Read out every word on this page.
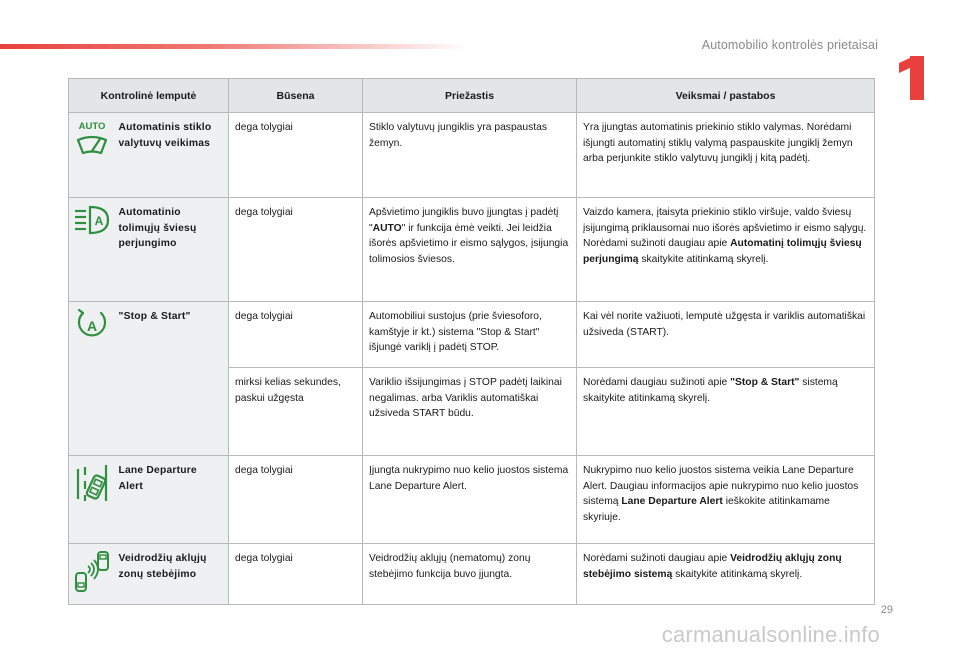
Automobilio kontrolės prietaisai
Kontrolinė lemputė		Būsena	Priežastis	Veiksmai / pastabos

AUTO	Automatinis stiklo valytuvų veikimas	dega tolygiai	Stiklo valytuvų jungiklis yra paspaustas žemyn.	Yra įjungtas automatinis priekinio stiklo valymas. Norėdami išjungti automatinį stiklų valymą paspauskite jungiklį žemyn arba perjunkite stiklo valytuvų jungiklį į kitą padėtį.

A	Automatinio tolimųjų šviesų perjungimo	dega tolygiai	Apšvietimo jungiklis buvo įjungtas į padėtį "AUTO" ir funkcija ėmė veikti. Jei leidžia išorės apšvietimo ir eismo sąlygos, įsijungia tolimosios šviesos.	Vaizdo kamera, įtaisyta priekinio stiklo viršuje, valdo šviesų įsijungimą priklausomai nuo išorės apšvietimo ir eismo sąlygų. Norėdami sužinoti daugiau apie Automatinį tolimųjų šviesų perjungimą skaitykite atitinkamą skyrelį.

A	"Stop & Start"	dega tolygiai	Automobiliui sustojus (prie šviesoforo, kamštyje ir kt.) sistema "Stop & Start" išjungė variklį į padėtį STOP.	Kai vėl norite važiuoti, lemputė užgęsta ir variklis automatiškai užsiveda (START).
		mirksi kelias sekundes, paskui užgęsta	Variklio išsijungimas į STOP padėtį laikinai negalimas. arba Variklis automatiškai užsiveda START būdu.	Norėdami daugiau sužinoti apie "Stop & Start" sistemą skaitykite atitinkamą skyrelį.

	Lane Departure Alert	dega tolygiai	Įjungta nukrypimo nuo kelio juostos sistema Lane Departure Alert.	Nukrypimo nuo kelio juostos sistema veikia Lane Departure Alert. Daugiau informacijos apie nukrypimo nuo kelio juostos sistemą Lane Departure Alert ieškokite atitinkamame skyriuje.

	Veidrodžių aklųjų zonų stebėjimo	dega tolygiai	Veidrodžių aklųjų (nematomų) zonų stebėjimo funkcija buvo įjungta.	Norėdami sužinoti daugiau apie Veidrodžių aklųjų zonų stebėjimo sistemą skaitykite atitinkamą skyrelį.
29
carmanualsonline.info
